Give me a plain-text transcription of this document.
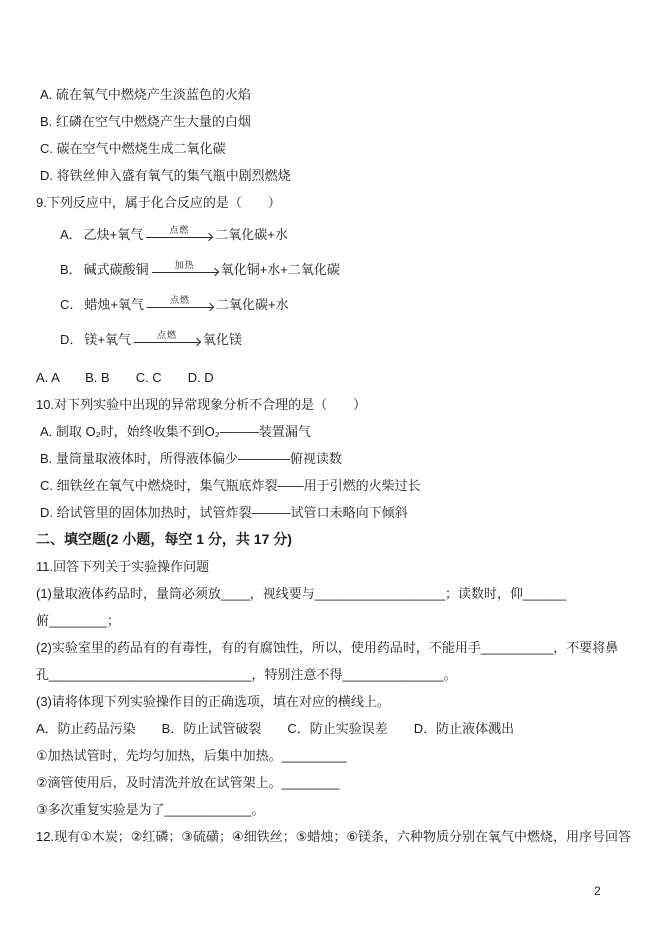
A. 硫在氧气中燃烧产生淡蓝色的火焰
B. 红磷在空气中燃烧产生大量的白烟
C. 碳在空气中燃烧生成二氧化碳
D. 将铁丝伸入盛有氧气的集气瓶中剧烈燃烧
9.下列反应中，属于化合反应的是（　　）
A． 乙炔+氧气	点燃 二氧化碳+水
B． 碱式碳酸铜	加热 氧化铜+水+二氧化碳
C． 蜡烛+氧气	点燃 二氧化碳+水
D． 镁+氧气	点燃 氧化镁
A. A　　B. B　　C. C　　D. D
10.对下列实验中出现的异常现象分析不合理的是（　　）
A. 制取 O₂时，始终收集不到O₂———装置漏气
B. 量筒量取液体时，所得液体偏少————俯视读数
C. 细铁丝在氧气中燃烧时，集气瓶底炸裂——用于引燃的火柴过长
D. 给试管里的固体加热时，试管炸裂———试管口未略向下倾斜
二、填空题(2 小题，每空 1 分，共 17 分)
11.回答下列关于实验操作问题
(1)量取液体药品时，量筒必须放____，视线要与__________________；读数时，仰______
俯________；
(2)实验室里的药品有的有毒性，有的有腐蚀性，所以，使用药品时，不能用手__________，不要将鼻
孔____________________________，特别注意不得______________。
(3)请将体现下列实验操作目的正确选项，填在对应的横线上。
A．防止药品污染　　B．防止试管破裂　　C．防止实验误差　　D．防止液体溅出
①加热试管时，先均匀加热，后集中加热。_________
②滴管使用后，及时清洗并放在试管架上。________
③多次重复实验是为了____________。
12.现有①木炭；②红磷；③硫磺；④细铁丝；⑤蜡烛；⑥镁条，六种物质分别在氧气中燃烧，用序号回答
2
